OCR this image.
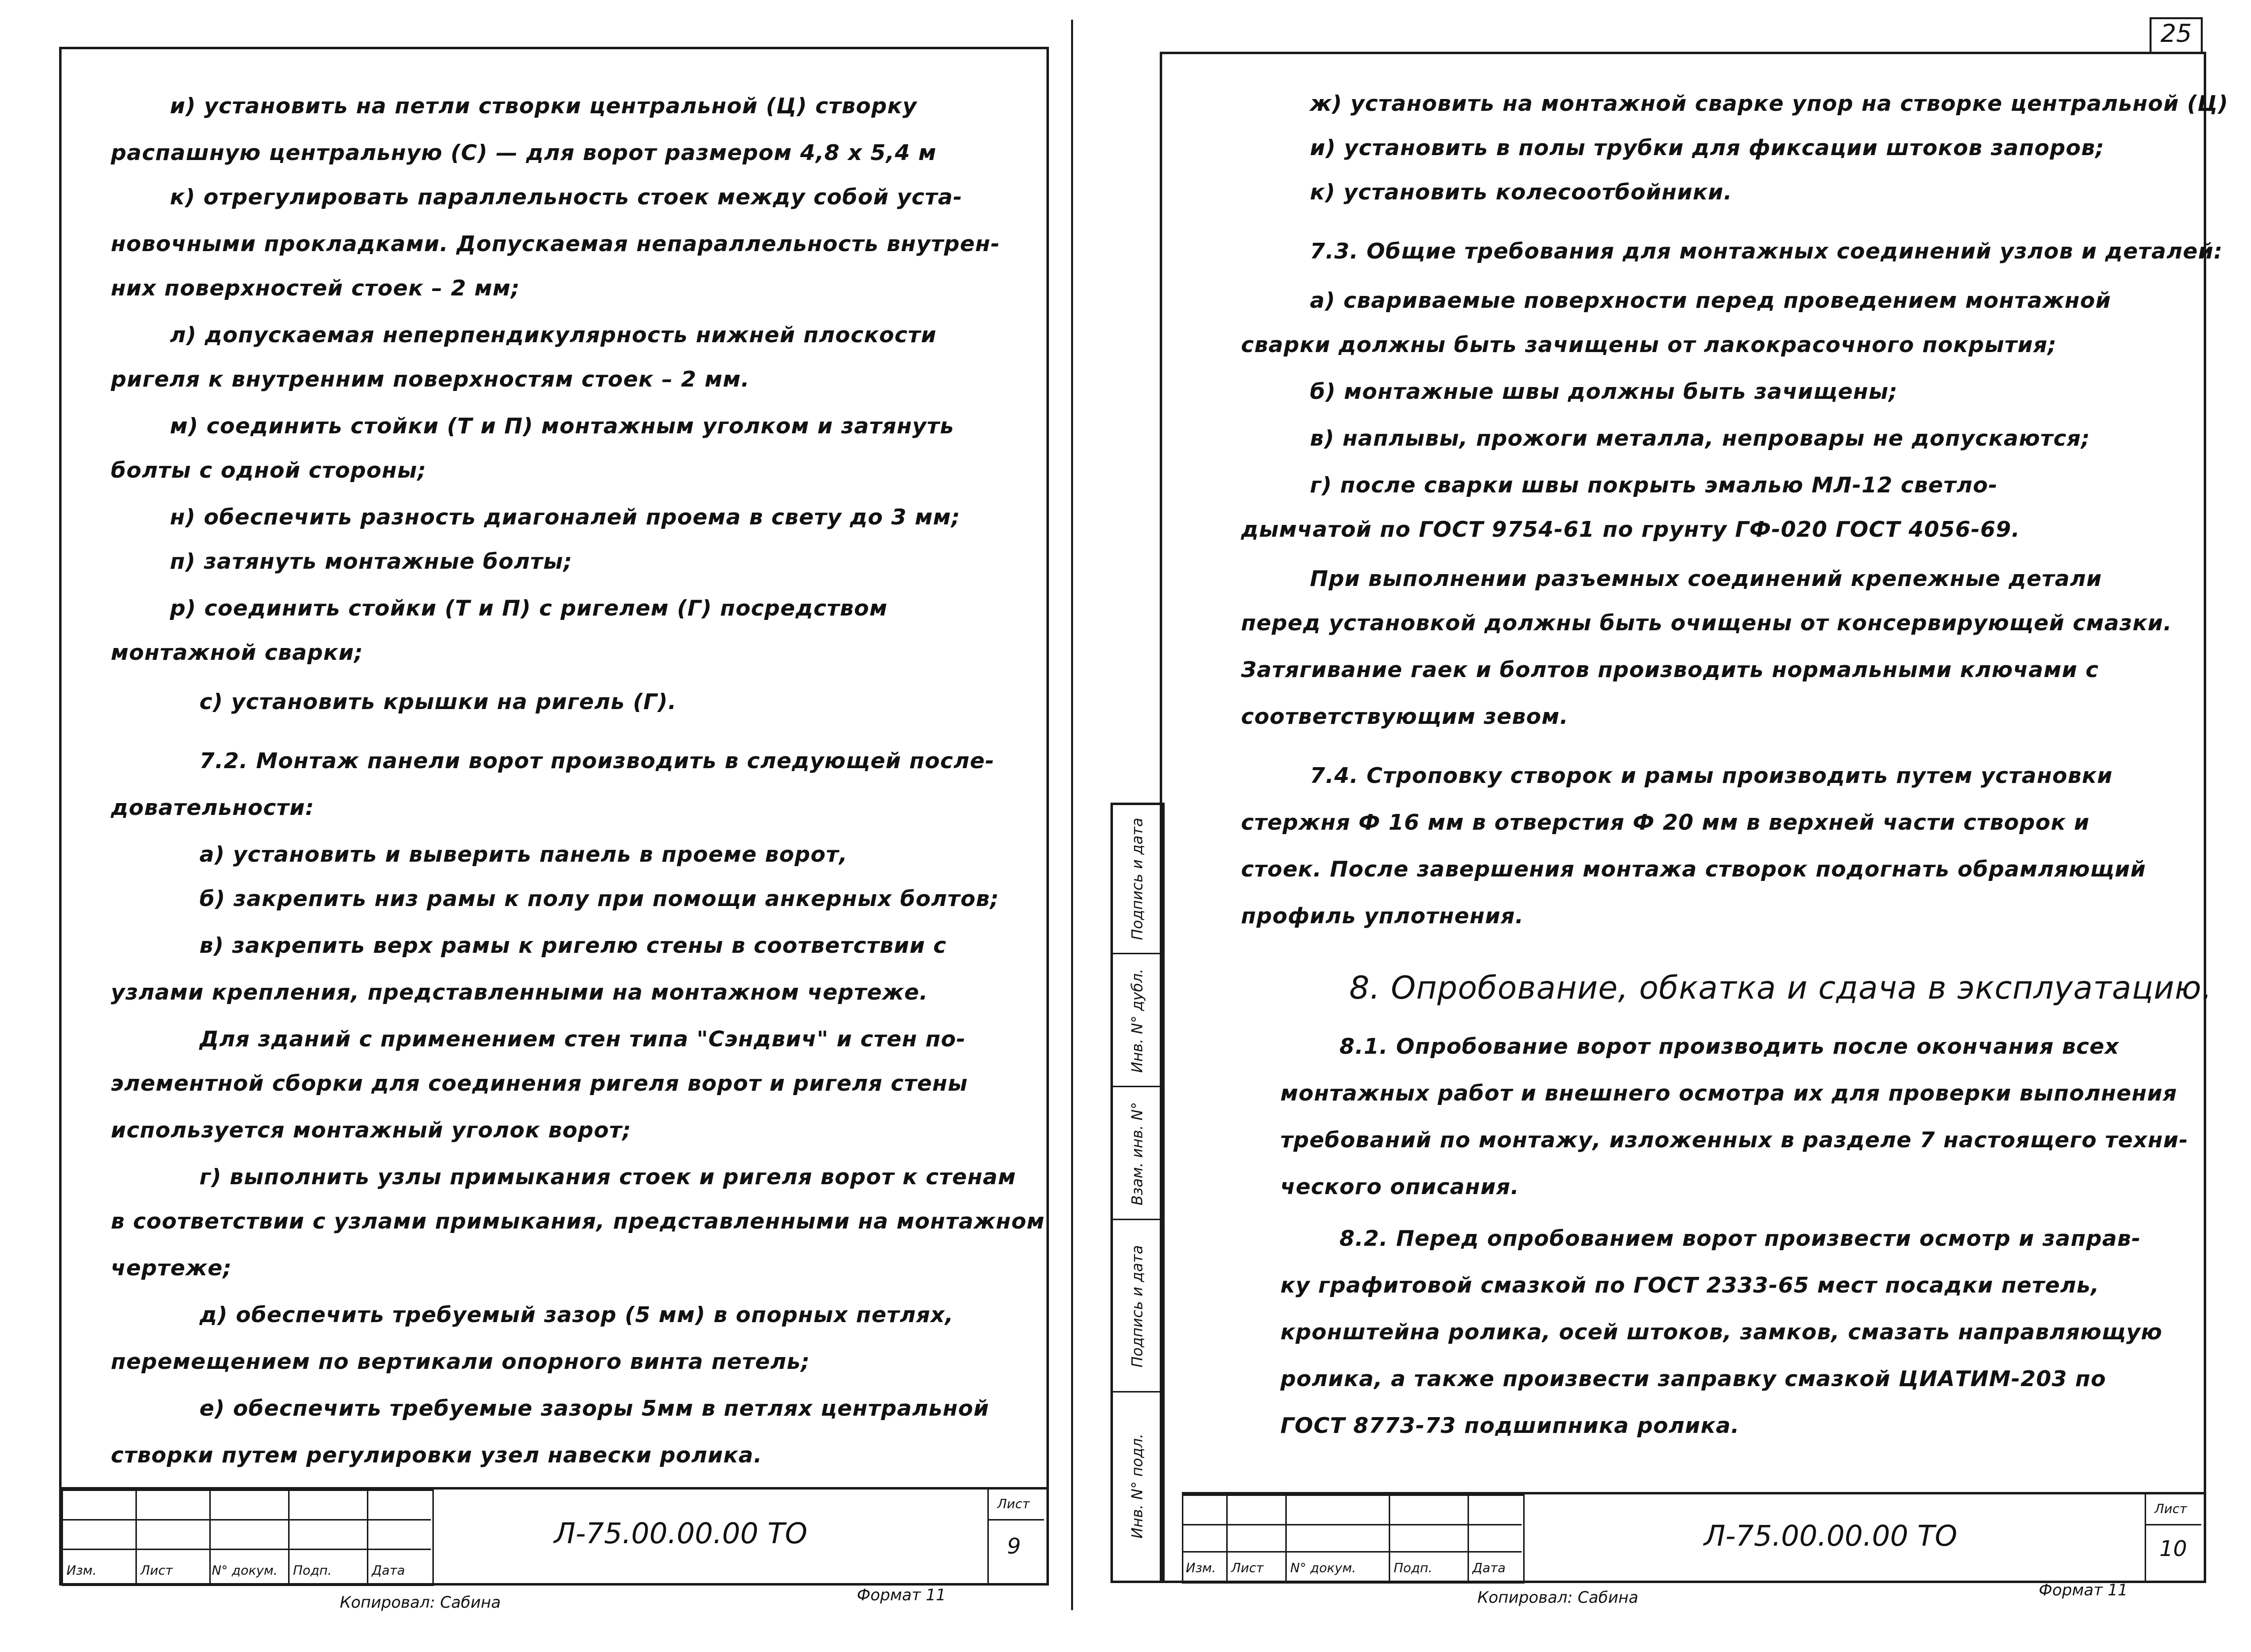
и) установить на петли створки центральной (Ц) створку
распашную центральную (С) — для ворот размером 4,8 х 5,4 м
к) отрегулировать параллельность стоек между собой уста-
новочными прокладками. Допускаемая непараллельность внутрен-
них поверхностей стоек – 2 мм;
л) допускаемая неперпендикулярность нижней плоскости
ригеля к внутренним поверхностям стоек – 2 мм.
м) соединить стойки (Т и П) монтажным уголком и затянуть
болты с одной стороны;
н) обеспечить разность диагоналей проема в свету до 3 мм;
п) затянуть монтажные болты;
р) соединить стойки (Т и П) с ригелем (Г) посредством
монтажной сварки;
с) установить крышки на ригель (Г).
7.2. Монтаж панели ворот производить в следующей после-
довательности:
а) установить и выверить панель в проеме ворот,
б) закрепить низ рамы к полу при помощи анкерных болтов;
в) закрепить верх рамы к ригелю стены в соответствии с
узлами крепления, представленными на монтажном чертеже.
Для зданий с применением стен типа "Сэндвич" и стен по-
элементной сборки для соединения ригеля ворот и ригеля стены
используется монтажный уголок ворот;
г) выполнить узлы примыкания стоек и ригеля ворот к стенам
в соответствии с узлами примыкания, представленными на монтажном
чертеже;
д) обеспечить требуемый зазор (5 мм) в опорных петлях,
перемещением по вертикали опорного винта петель;
е) обеспечить требуемые зазоры 5мм в петлях центральной
створки путем регулировки узел навески ролика.
Изм.	Лист	N° докум. Подп.	Дата
Л-75.00.00.00 ТО
Лист
9
Копировал: Сабина	Формат 11
25
ж) установить на монтажной сварке упор на створке центральной (Ц)
и) установить в полы трубки для фиксации штоков запоров;
к) установить колесоотбойники.
7.3. Общие требования для монтажных соединений узлов и деталей:
а) свариваемые поверхности перед проведением монтажной
сварки должны быть зачищены от лакокрасочного покрытия;
б) монтажные швы должны быть зачищены;
в) наплывы, прожоги металла, непровары не допускаются;
г) после сварки швы покрыть эмалью МЛ-12 светло-
дымчатой по ГОСТ 9754-61 по грунту ГФ-020 ГОСТ 4056-69.
При выполнении разъемных соединений крепежные детали
перед установкой должны быть очищены от консервирующей смазки.
Затягивание гаек и болтов производить нормальными ключами с
соответствующим зевом.
7.4. Строповку створок и рамы производить путем установки
стержня Ф 16 мм в отверстия Ф 20 мм в верхней части створок и
стоек. После завершения монтажа створок подогнать обрамляющий
профиль уплотнения.
8. Опробование, обкатка и сдача в эксплуатацию.
8.1. Опробование ворот производить после окончания всех
монтажных работ и внешнего осмотра их для проверки выполнения
требований по монтажу, изложенных в разделе 7 настоящего техни-
ческого описания.
8.2. Перед опробованием ворот произвести осмотр и заправ-
ку графитовой смазкой по ГОСТ 2333-65 мест посадки петель,
кронштейна ролика, осей штоков, замков, смазать направляющую
ролика, а также произвести заправку смазкой ЦИАТИМ-203 по
ГОСТ 8773-73 подшипника ролика.
Изм. Лист N° докум.	Подп.	Дата
Л-75.00.00.00 ТО
Лист
10
Подпись и дата
Инв. N° дубл.
Взам. инв. N°
Подпись и дата
Инв. N° подл.
Копировал: Сабина	Формат 11
